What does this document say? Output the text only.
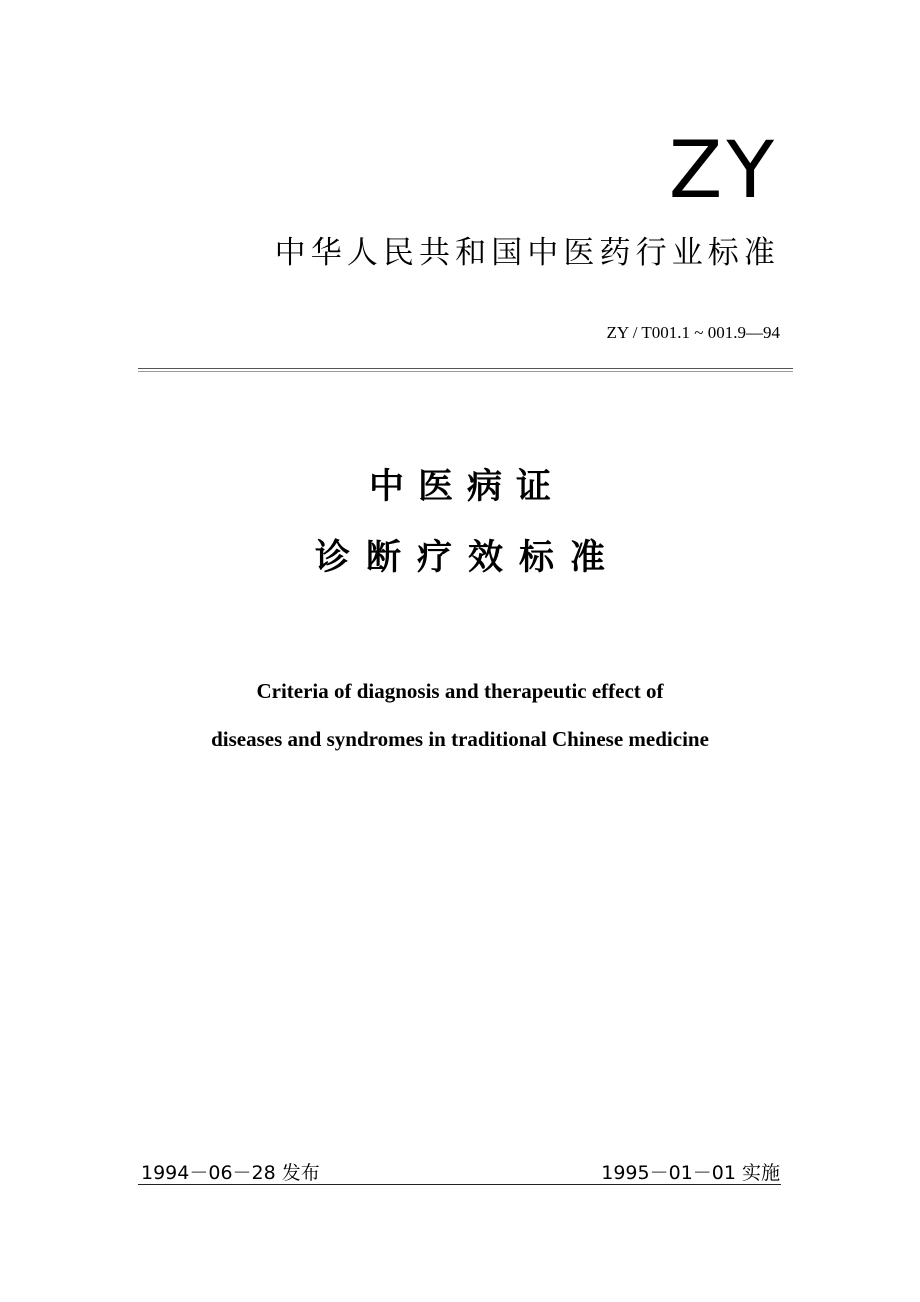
ZY
中华人民共和国中医药行业标准
ZY / T001.1 ~ 001.9—94
中医病证
诊断疗效标准
Criteria of diagnosis and therapeutic effect of
diseases and syndromes in traditional Chinese medicine
1994－06－28 发布	1995－01－01 实施
